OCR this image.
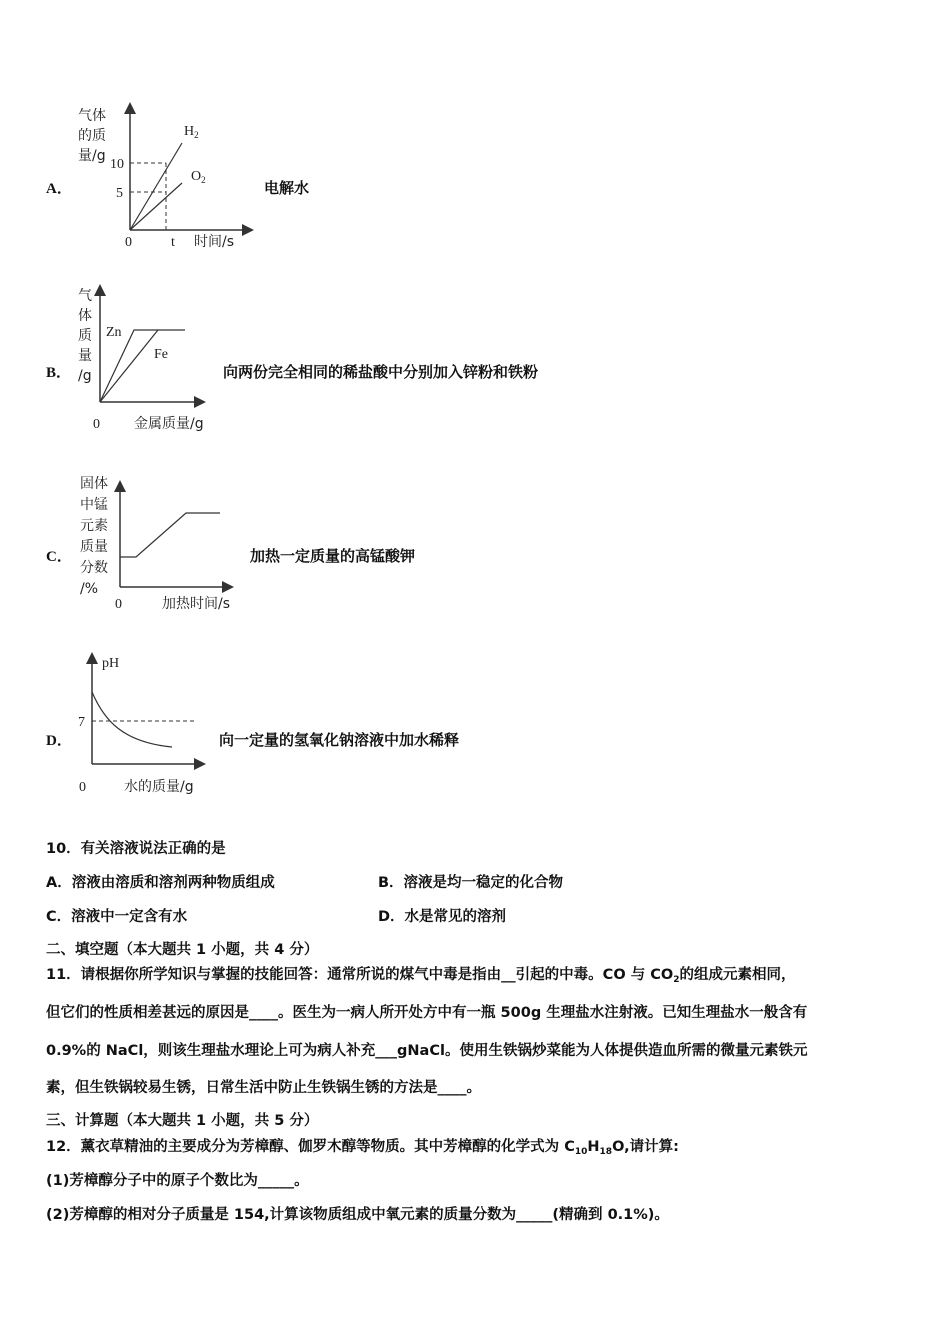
A．
气体
的质
量/g
10
5
0	t 时间/s
$H_2$
$O_2$	电解水
B．
气
体
质
量
/g
Zn
Fe
0 金属质量/g
向两份完全相同的稀盐酸中分别加入锌粉和铁粉
C．
固体
中锰
元素
质量
分数
/%
0	加热时间/s
加热一定质量的高锰酸钾
D．
pH
7
0	水的质量/g
向一定量的氢氧化钠溶液中加水稀释
10．有关溶液说法正确的是
A．溶液由溶质和溶剂两种物质组成	B．溶液是均一稳定的化合物
C．溶液中一定含有水	D．水是常见的溶剂
二、填空题（本大题共 1 小题，共 4 分）
11．请根据你所学知识与掌握的技能回答：通常所说的煤气中毒是指由__引起的中毒。CO 与 $CO_2$的组成元素相同，
但它们的性质相差甚远的原因是____。医生为一病人所开处方中有一瓶 500g 生理盐水注射液。已知生理盐水一般含有
0.9%的 NaCl，则该生理盐水理论上可为病人补充___gNaCl。使用生铁锅炒菜能为人体提供造血所需的微量元素铁元
素，但生铁锅较易生锈，日常生活中防止生铁锅生锈的方法是____。
三、计算题（本大题共 1 小题，共 5 分）
12．薰衣草精油的主要成分为芳樟醇、伽罗木醇等物质。其中芳樟醇的化学式为 $C_{10}H_{18}O$,请计算:
(1)芳樟醇分子中的原子个数比为_____。
(2)芳樟醇的相对分子质量是 154,计算该物质组成中氧元素的质量分数为_____(精确到 0.1%)。
